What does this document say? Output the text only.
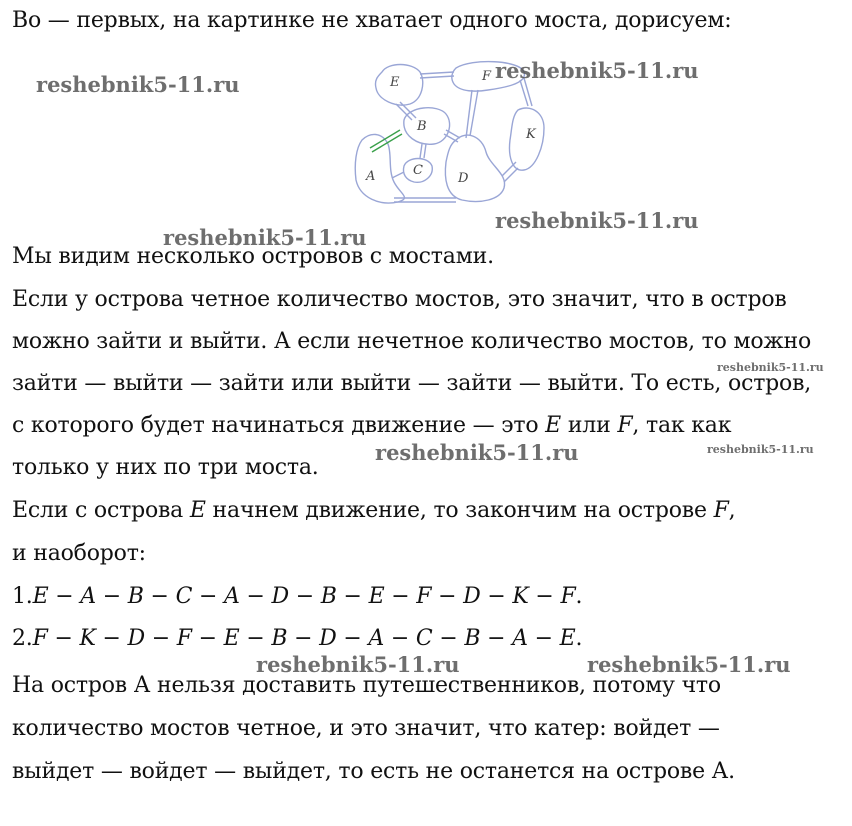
Во — первых, на картинке не хватает одного моста, дорисуем:
E	F
B
K
C
A	D
Мы видим несколько островов с мостами.
Если у острова четное количество мостов, это значит, что в остров
можно зайти и выйти. А если нечетное количество мостов, то можно
зайти — выйти — зайти или выйти — зайти — выйти. То есть, остров,
с которого будет начинаться движение — это E или F, так как
только у них по три моста.
Если с острова E начнем движение, то закончим на острове F,
и наоборот:
1.E − A − B − C − A − D − B − E − F − D − K − F.
2.F − K − D − F − E − B − D − A − C − B − A − E.
На остров А нельзя доставить путешественников, потому что
количество мостов четное, и это значит, что катер: войдет —
выйдет — войдет — выйдет, то есть не останется на острове А.
reshebnik5-11.ru
reshebnik5-11.ru
reshebnik5-11.ru
reshebnik5-11.ru
reshebnik5-11.ru
reshebnik5-11.ru
reshebnik5-11.ru
reshebnik5-11.ru	reshebnik5-11.ru
